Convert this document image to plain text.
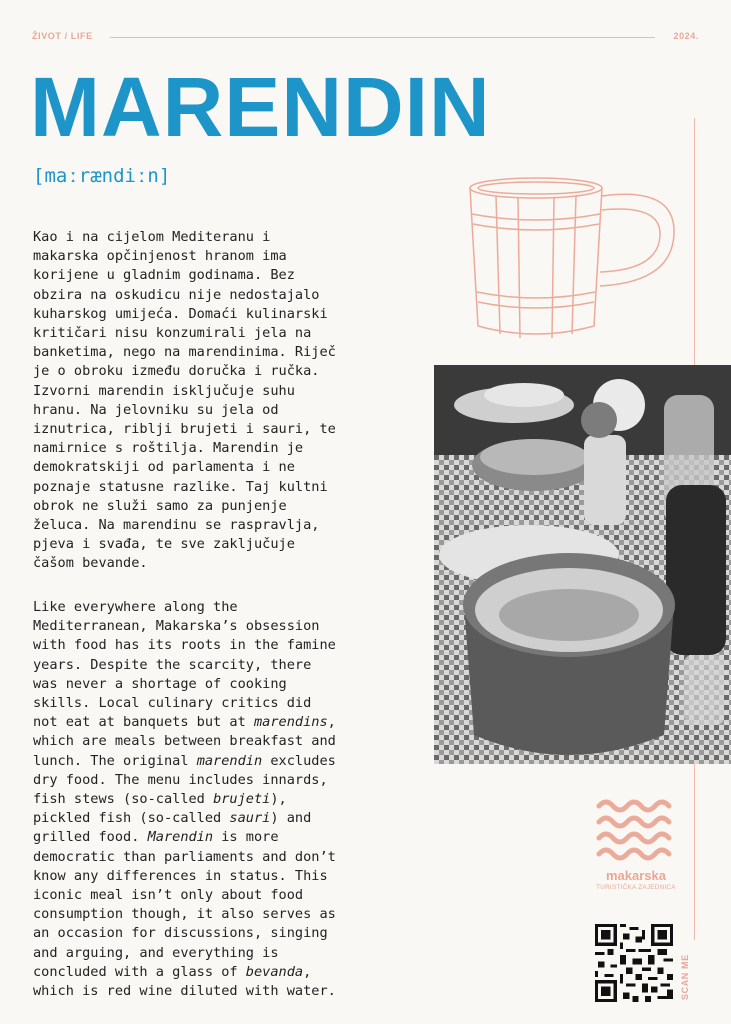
ŽIVOT / LIFE	2024.
MARENDIN
[maːrændiːn]
Kao i na cijelom Mediteranu i
makarska opčinjenost hranom ima
korijene u gladnim godinama. Bez
obzira na oskudicu nije nedostajalo
kuharskog umijeća. Domaći kulinarski
kritičari nisu konzumirali jela na
banketima, nego na marendinima. Riječ
je o obroku između doručka i ručka.
Izvorni marendin isključuje suhu
hranu. Na jelovniku su jela od
iznutrica, riblji brujeti i sauri, te
namirnice s roštilja. Marendin je
demokratskiji od parlamenta i ne
poznaje statusne razlike. Taj kultni
obrok ne služi samo za punjenje
želuca. Na marendinu se raspravlja,
pjeva i svađa, te sve zaključuje
čašom bevande.
Like everywhere along the
Mediterranean, Makarska’s obsession
with food has its roots in the famine
years. Despite the scarcity, there
was never a shortage of cooking
skills. Local culinary critics did
not eat at banquets but at marendins,
which are meals between breakfast and
lunch. The original marendin excludes
dry food. The menu includes innards,
fish stews (so-called brujeti),
pickled fish (so-called sauri) and
grilled food. Marendin is more
democratic than parliaments and don’t
know any differences in status. This
iconic meal isn’t only about food
consumption though, it also serves as
an occasion for discussions, singing
and arguing, and everything is
concluded with a glass of bevanda,
which is red wine diluted with water.
makarska
TURISTIČKA ZAJEDNICA
SCAN ME
